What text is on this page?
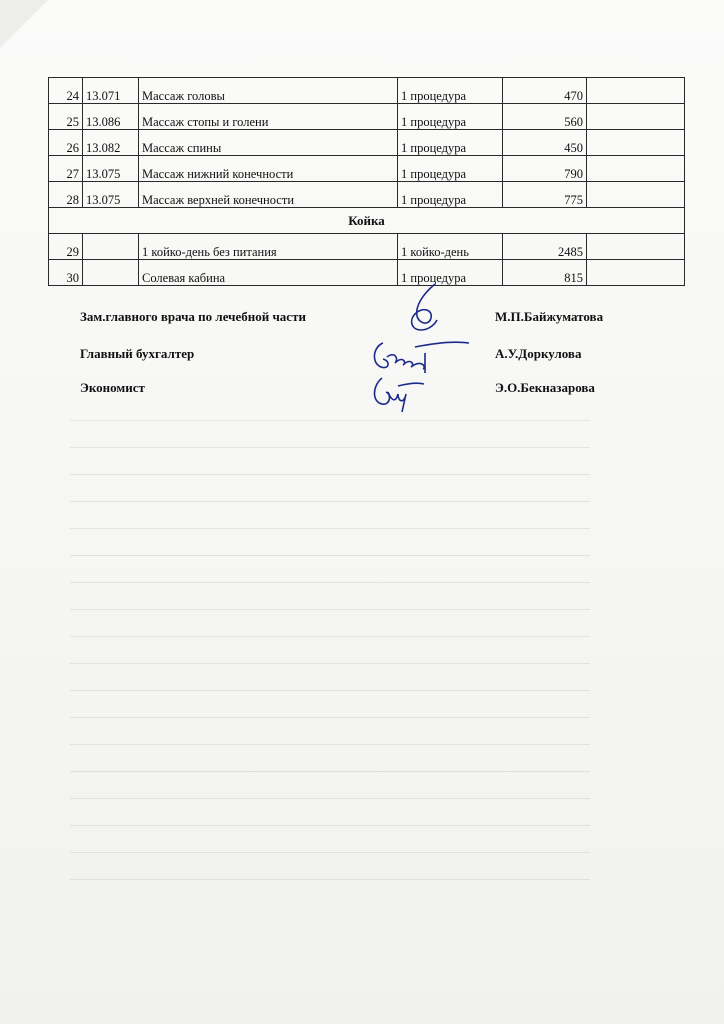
24	13.071	Массаж головы	1 процедура	470	
25	13.086	Массаж стопы и голени	1 процедура	560	
26	13.082	Массаж спины	1 процедура	450	
27	13.075	Массаж нижний конечности	1 процедура	790	
28	13.075	Массаж верхней конечности	1 процедура	775	
Койка					
29		1 койко-день без питания	1 койко-день	2485	
30		Солевая кабина	1 процедура	815	
Зам.главного врача по лечебной части	М.П.Байжуматова
Главный бухгалтер	А.У.Доркулова
Экономист	Э.О.Бекназарова
